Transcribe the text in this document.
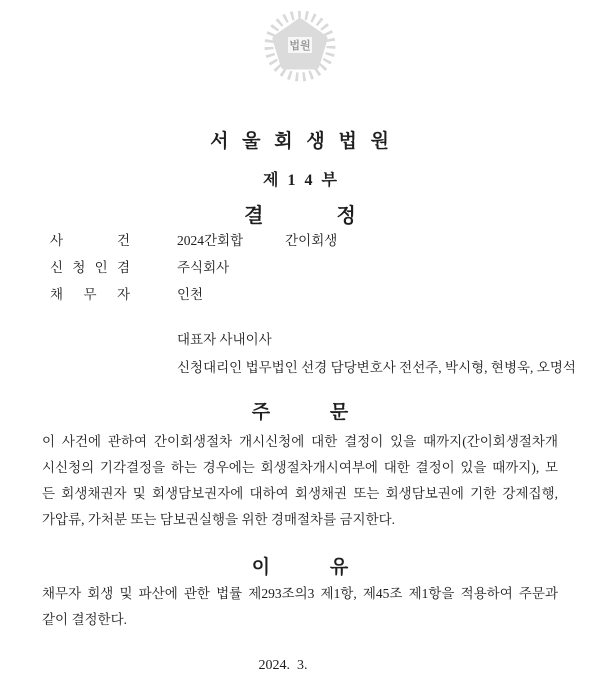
법원
서 울 회 생 법 원
제 1 4 부
결 정
사 건	2024간회합	간이회생
신 청 인 겸	주식회사
채 무 자	인천
대표자 사내이사
신청대리인 법무법인 선경 담당변호사 전선주, 박시형, 현병욱, 오명석
주 문
이 사건에 관하여 간이회생절차 개시신청에 대한 결정이 있을 때까지(간이회생절차개
시신청의 기각결정을 하는 경우에는 회생절차개시여부에 대한 결정이 있을 때까지), 모
든 회생채권자 및 회생담보권자에 대하여 회생채권 또는 회생담보권에 기한 강제집행,
가압류, 가처분 또는 담보권실행을 위한 경매절차를 금지한다.
이 유
채무자 회생 및 파산에 관한 법률 제293조의3 제1항, 제45조 제1항을 적용하여 주문과
같이 결정한다.
2024.  3.
